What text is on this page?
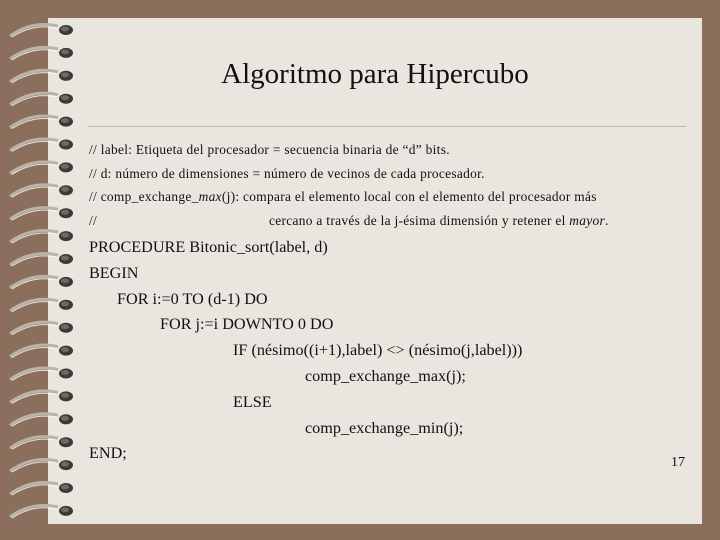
Algoritmo para Hipercubo
// label: Etiqueta del procesador = secuencia binaria de “d” bits.
// d: número de dimensiones = número de vecinos de cada procesador.
// comp_exchange_max(j): compara el elemento local con el elemento del procesador más
//	cercano a través de la j-ésima dimensión y retener el mayor.
PROCEDURE Bitonic_sort(label, d)
BEGIN
FOR i:=0 TO (d-1) DO
FOR j:=i DOWNTO 0 DO
IF (nésimo((i+1),label) <> (nésimo(j,label)))
comp_exchange_max(j);
ELSE
comp_exchange_min(j);
END;
17
